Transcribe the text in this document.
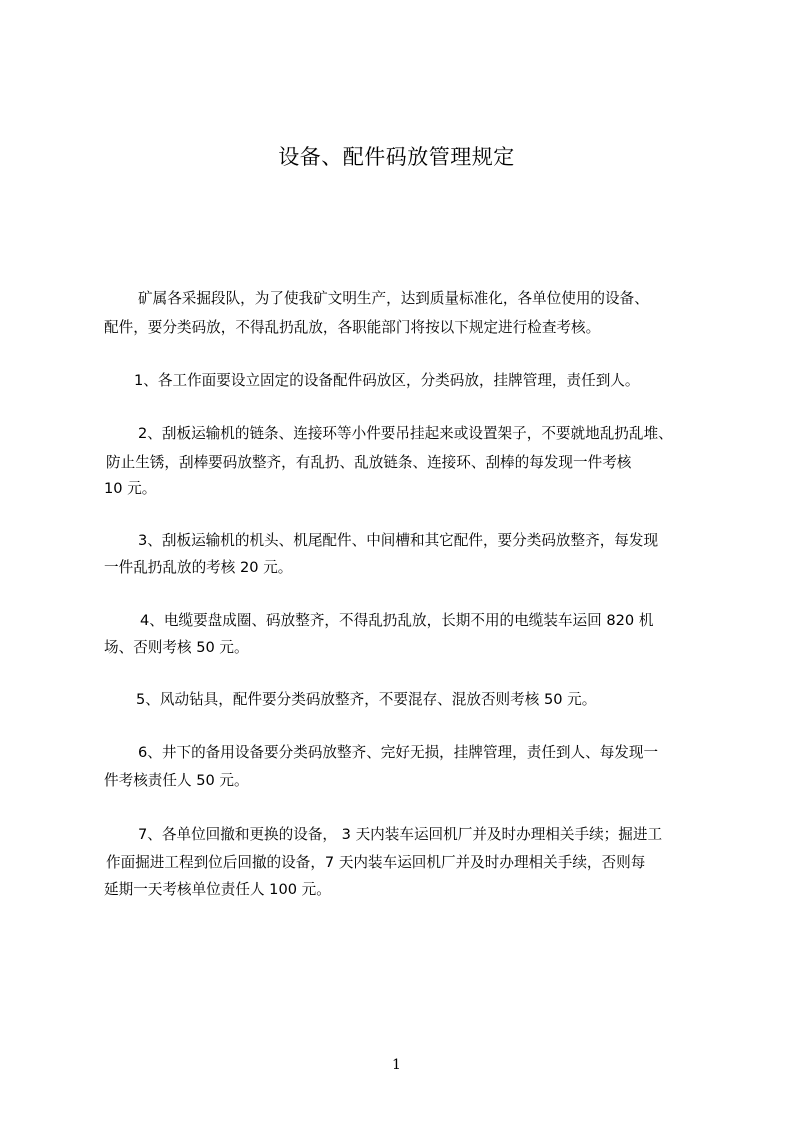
设备、配件码放管理规定
矿属各采掘段队，为了使我矿文明生产，达到质量标准化，各单位使用的设备、
配件，要分类码放，不得乱扔乱放，各职能部门将按以下规定进行检查考核。
1、各工作面要设立固定的设备配件码放区，分类码放，挂牌管理，责任到人。
2、刮板运输机的链条、连接环等小件要吊挂起来或设置架子，不要就地乱扔乱堆、
防止生锈，刮棒要码放整齐，有乱扔、乱放链条、连接环、刮棒的每发现一件考核
10 元。
3、刮板运输机的机头、机尾配件、中间槽和其它配件，要分类码放整齐，每发现
一件乱扔乱放的考核 20 元。
4、电缆要盘成圈、码放整齐，不得乱扔乱放，长期不用的电缆装车运回 820 机
场、否则考核 50 元。
5、风动钻具，配件要分类码放整齐，不要混存、混放否则考核 50 元。
6、井下的备用设备要分类码放整齐、完好无损，挂牌管理，责任到人、每发现一
件考核责任人 50 元。
7、各单位回撤和更换的设备， 3 天内装车运回机厂并及时办理相关手续；掘进工
作面掘进工程到位后回撤的设备，7 天内装车运回机厂并及时办理相关手续，否则每
延期一天考核单位责任人 100 元。
1
